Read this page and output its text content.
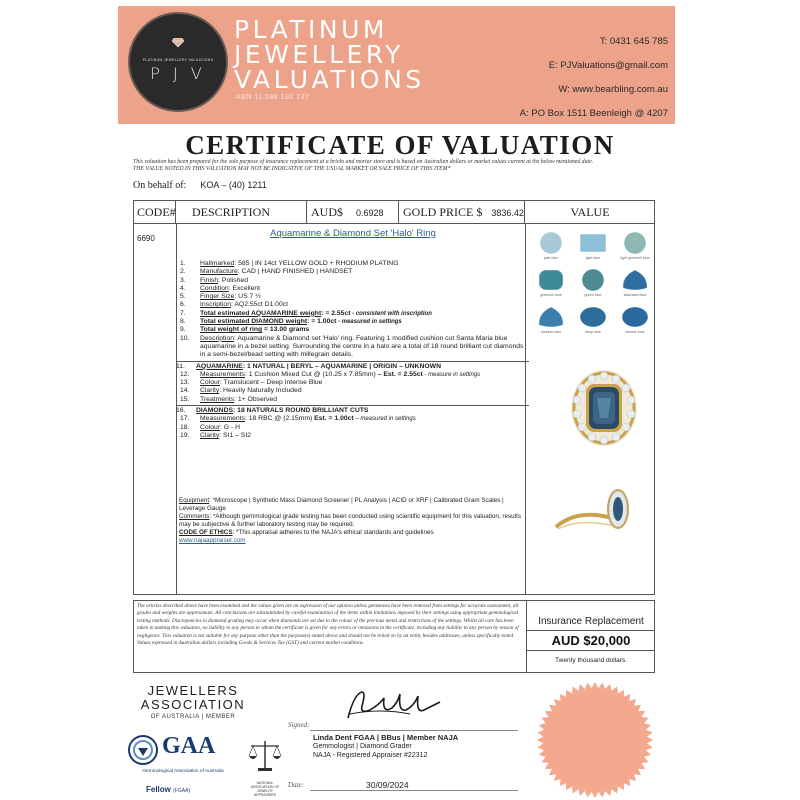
PLATINUM JEWELLERY VALUATIONS
P J V
PLATINUM
JEWELLERY
VALUATIONS
ABN 11 588 192 137
T: 0431 645 785
E: PJValuations@gmail.com
W: www.bearbling.com.au
A: PO Box 1511 Beenleigh @ 4207
CERTIFICATE OF VALUATION
This valuation has been prepared for the sole purpose of insurance replacement at a bricks and mortar store and is based on Australian dollars or market values current at the below mentioned date.
THE VALUE NOTED IN THIS VALUATION MAY NOT BE INDICATIVE OF THE USUAL MARKET OR SALE PRICE OF THIS ITEM*
On behalf of: KOA – (40) 1211
CODE#	DESCRIPTION	AUD$ 0.6928	GOLD PRICE $ 3836.42	VALUE
6690	Aquamarine & Diamond Set 'Halo' Ring
1.	Hallmarked: 585 | IN 14ct YELLOW GOLD + RHODIUM PLATING
2.	Manufacture: CAD | HAND FINISHED | HANDSET
3.	Finish: Polished
4.	Condition: Excellent
5.	Finger Size: US 7 ½
6.	Inscription: AQ2.55ct D1.00ct
7.	Total estimated AQUAMARINE weight: = 2.55ct - consistent with inscription
8.	Total estimated DIAMOND weight: = 1.00ct - measured in settings
9.	Total weight of ring = 13.00 grams
10.	Description: Aquamarine & Diamond set 'Halo' ring. Featuring 1 modified cushion cut Santa Maria blue aquamarine in a bezel setting. Surrounding the centre in a halo are a total of 18 round brilliant cut diamonds in a semi-bezel/bead setting with millegrain details.
11.	AQUAMARINE: 1 NATURAL | BERYL – AQUAMARINE | ORIGIN – UNKNOWN
12.	Measurements: 1 Cushion Mixed Cut @ (10.25 x 7.85mm) – Est. = 2.55ct - measure in settings
13.	Colour: Translucent – Deep Intense Blue
14.	Clarity: Heavily Naturally Included
15.	Treatments: 1+ Observed
16.	DIAMONDS: 18 NATURALS ROUND BRILLIANT CUTS
17.	Measurements: 18 RBC @ (2.15mm) Est. = 1.00ct – measured in settings
18.	Colour: G - H
19.	Clarity: SI1 – SI2
Equipment: *Microscope | Synthetic Mass Diamond Screener | PL Analysis | ACID or XRF | Calibrated Gram Scales | Leverage Gauge
Comments: *Although gemmological grade testing has been conducted using scientific equipment for this valuation, results may be subjective & further laboratory testing may be required.
CODE OF ETHICS: *This appraisal adheres to the NAJA's ethical standards and guidelines
www.najaappraiser.com
pale blue	light blue	light greenish blue
greenish blue	green blue	saturated blue
medium blue	deep blue	intense blue
The articles described above have been examined and the values given are an expression of our opinion unless gemstones have been removed from settings for accurate assessment, all grades and weights are approximate. All conclusions are substantiated by careful examination of the items within limitations imposed by their settings using appropriate gemmological testing methods. Discrepancies in diamond grading may occur when diamonds are set due to the colour of the precious metal and restrictions of the settings. Whilst all care has been taken in making this valuation, no liability to any person to whom the certificate is given for any errors or omissions in the certificate, including any liability to any person by reason of negligence. This valuation is not suitable for any purpose other than the purpose(s) stated above and should not be relied on by an entity besides addressee, unless specifically noted. Values expressed in Australian dollars including Goods & Services Tax (GST) and current market conditions.
Insurance Replacement
AUD $20,000
Twenty thousand dollars.
JEWELLERS
ASSOCIATION
OF AUSTRALIA | MEMBER
GAA
Gemmological Association of Australia
Fellow (FGAA)
NATIONAL ASSOCIATION OF JEWELRY APPRAISERS
Signed:
Linda Dent FGAA | BBus | Member NAJA
Gemmologist | Diamond Grader
NAJA - Registered Appraiser #22312
Date:	30/09/2024
